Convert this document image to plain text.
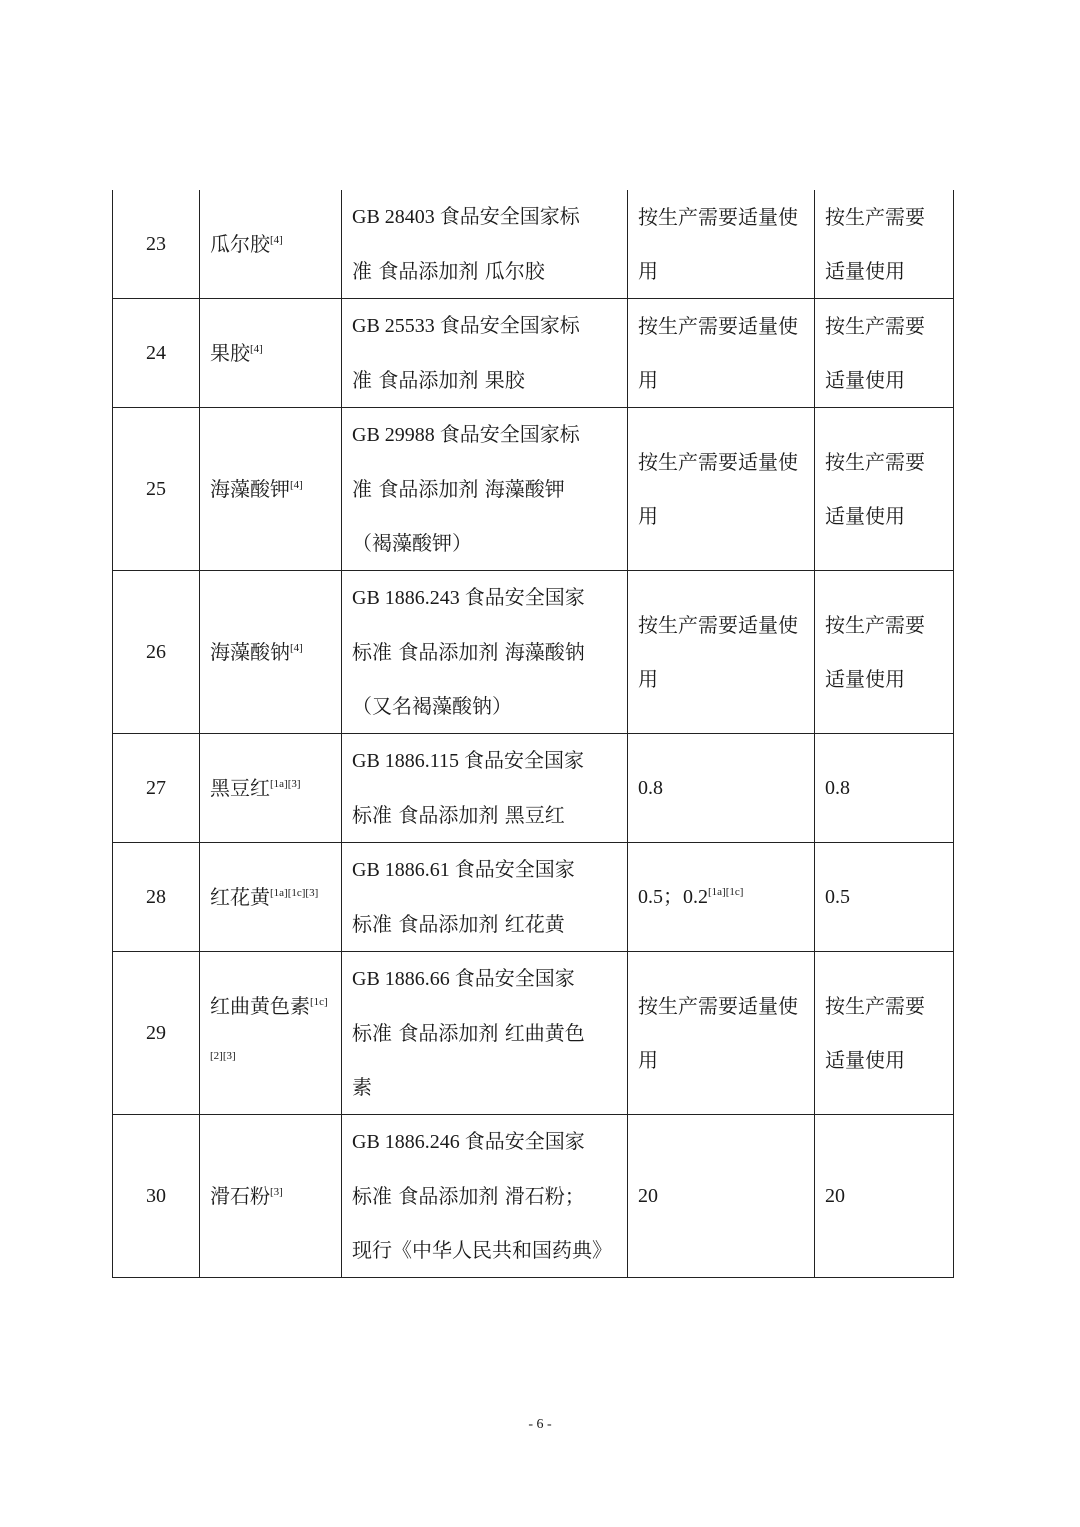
23	瓜尔胶[4]	GB 28403 食品安全国家标
准 食品添加剂 瓜尔胶	按生产需要适量使用	按生产需要适量使用
24	果胶[4]	GB 25533 食品安全国家标
准 食品添加剂 果胶	按生产需要适量使用	按生产需要适量使用
25	海藻酸钾[4]	GB 29988 食品安全国家标
准 食品添加剂 海藻酸钾
（褐藻酸钾）	按生产需要适量使用	按生产需要适量使用
26	海藻酸钠[4]	GB 1886.243 食品安全国家
标准 食品添加剂 海藻酸钠
（又名褐藻酸钠）	按生产需要适量使用	按生产需要适量使用
27	黑豆红[1a][3]	GB 1886.115 食品安全国家
标准 食品添加剂 黑豆红	0.8	0.8
28	红花黄[1a][1c][3]	GB 1886.61 食品安全国家
标准 食品添加剂 红花黄	0.5；0.2[1a][1c]	0.5
29	红曲黄色素[1c][2][3]	GB 1886.66 食品安全国家
标准 食品添加剂 红曲黄色
素	按生产需要适量使用	按生产需要适量使用
30	滑石粉[3]	GB 1886.246 食品安全国家
标准 食品添加剂 滑石粉；
现行《中华人民共和国药典》	20	20
- 6 -
